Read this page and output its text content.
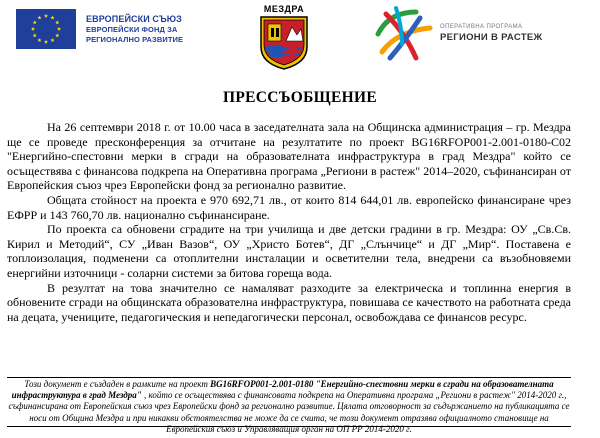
ЕВРОПЕЙСКИ СЪЮЗ
ЕВРОПЕЙСКИ ФОНД ЗА
РЕГИОНАЛНО РАЗВИТИЕ
МЕЗДРА
ОПЕРАТИВНА ПРОГРАМА
РЕГИОНИ В РАСТЕЖ
ПРЕССЪОБЩЕНИЕ

На 26 септември 2018 г. от 10.00 часа в заседателната зала на Общинска администрация – гр. Мездра ще се проведе пресконференция за отчитане на резултатите по проект BG16RFOP001-2.001-0180-C02 "Енергийно-спестовни мерки в сгради на образователната инфраструктура в град Мездра" който се осъществява с финансова подкрепа на Оперативна програма „Региони в растеж" 2014–2020, съфинансиран от Европейския съюз чрез Европейски фонд за регионално развитие.

Общата стойност на проекта е 970 692,71 лв., от които 814 644,01 лв. европейско финансиране чрез ЕФРР и 143 760,70 лв. национално съфинансиране.

По проекта са обновени сградите на три училища и две детски градини в гр. Мездра: ОУ „Св.Св. Кирил и Методий“, СУ „Иван Вазов“, ОУ „Христо Ботев“, ДГ „Слънчице“ и ДГ „Мир“. Поставена е топлоизолация, подменени са отоплителни инсталации и осветителни тела, внедрени са възобновяеми енергийни източници - соларни системи за битова гореща вода.

В резултат на това значително се намаляват разходите за електрическа и топлинна енергия в обновените сгради на общинската образователна инфраструктура, повишава се качеството на работната среда на децата, учениците, педагогическия и непедагогически персонал, освобождава се финансов ресурс.

Този документ е създаден в рамките на проект BG16RFOP001-2.001-0180 "Енергийно-спестовни мерки в сгради на образователната инфраструктура в град Мездра" , който се осъществява с финансовата подкрепа на Оперативна програма „Региони в растеж" 2014-2020 г., съфинансирана от Европейския съюз чрез Европейски фонд за регионално развитие. Цялата отговорност за съдържанието на публикацията се носи от Община Мездра и при никакви обстоятелства не може да се счита, че този документ отразява официалното становище на Европейския съюз и Управляващия орган на ОП РР 2014-2020 г.
